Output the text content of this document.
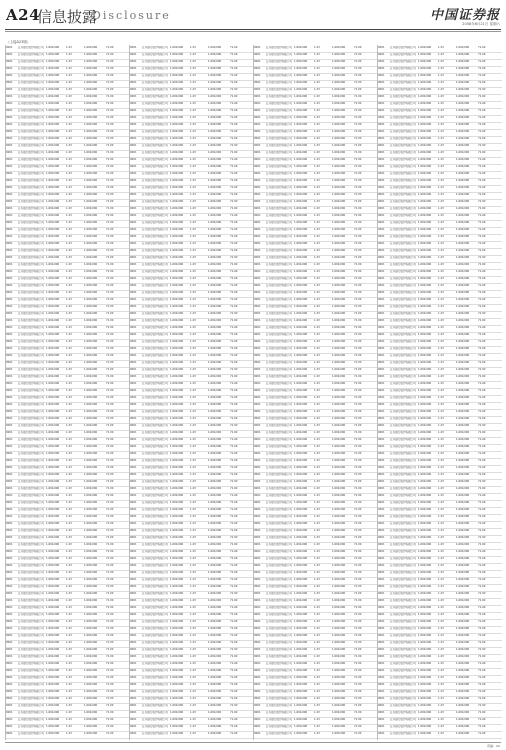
A24
信息披露
Disclosure	中国证券报
2008年6月21日 星期六
（上接A23版）
0001	江苏银行股份有限公司 1,000,000	1.23	1,000,000	71.00
0001	江苏银行股份有限公司 1,000,000	1.23	1,000,000	71.00
0001	江苏银行股份有限公司 1,000,000	1.23	1,000,000	71.00
0001	江苏银行股份有限公司 1,000,000	1.23	1,000,000	71.00
0001	江苏银行股份有限公司 1,000,000	1.23	1,000,000	71.00
0001	江苏银行股份有限公司 1,000,000	1.23	1,000,000	71.00
0001	江苏银行股份有限公司 1,000,000	1.23	1,000,000	71.00
0001	江苏银行股份有限公司 1,000,000	1.23	1,000,000	71.00
0001	江苏银行股份有限公司 1,000,000	1.23	1,000,000	71.00
0001	江苏银行股份有限公司 1,000,000	1.23	1,000,000	71.00
0001	江苏银行股份有限公司 1,000,000	1.23	1,000,000	71.00
0001	江苏银行股份有限公司 1,000,000	1.23	1,000,000	71.00
0001	江苏银行股份有限公司 1,000,000	1.23	1,000,000	71.00
0001	江苏银行股份有限公司 1,000,000	1.23	1,000,000	71.00
0001	江苏银行股份有限公司 1,000,000	1.23	1,000,000	71.00
0001	江苏银行股份有限公司 1,000,000	1.23	1,000,000	71.00
0001	江苏银行股份有限公司 1,000,000	1.23	1,000,000	71.00
0001	江苏银行股份有限公司 1,000,000	1.23	1,000,000	71.00
0001	江苏银行股份有限公司 1,000,000	1.23	1,000,000	71.00
0001	江苏银行股份有限公司 1,000,000	1.23	1,000,000	71.00
0001	江苏银行股份有限公司 1,000,000	1.23	1,000,000	71.00
0001	江苏银行股份有限公司 1,000,000	1.23	1,000,000	71.00
0001	江苏银行股份有限公司 1,000,000	1.23	1,000,000	71.00
0001	江苏银行股份有限公司 1,000,000	1.23	1,000,000	71.00
0001	江苏银行股份有限公司 1,000,000	1.23	1,000,000	71.00
0001	江苏银行股份有限公司 1,000,000	1.23	1,000,000	71.00
0001	江苏银行股份有限公司 1,000,000	1.23	1,000,000	71.00
0001	江苏银行股份有限公司 1,000,000	1.23	1,000,000	71.00
0001	江苏银行股份有限公司 1,000,000	1.23	1,000,000	71.00
0001	江苏银行股份有限公司 1,000,000	1.23	1,000,000	71.00
0001	江苏银行股份有限公司 1,000,000	1.23	1,000,000	71.00
0001	江苏银行股份有限公司 1,000,000	1.23	1,000,000	71.00
0001	江苏银行股份有限公司 1,000,000	1.23	1,000,000	71.00
0001	江苏银行股份有限公司 1,000,000	1.23	1,000,000	71.00
0001	江苏银行股份有限公司 1,000,000	1.23	1,000,000	71.00
0001	江苏银行股份有限公司 1,000,000	1.23	1,000,000	71.00
0001	江苏银行股份有限公司 1,000,000	1.23	1,000,000	71.00
0001	江苏银行股份有限公司 1,000,000	1.23	1,000,000	71.00
0001	江苏银行股份有限公司 1,000,000	1.23	1,000,000	71.00
0001	江苏银行股份有限公司 1,000,000	1.23	1,000,000	71.00
0001	江苏银行股份有限公司 1,000,000	1.23	1,000,000	71.00
0001	江苏银行股份有限公司 1,000,000	1.23	1,000,000	71.00
0001	江苏银行股份有限公司 1,000,000	1.23	1,000,000	71.00
0001	江苏银行股份有限公司 1,000,000	1.23	1,000,000	71.00
0001	江苏银行股份有限公司 1,000,000	1.23	1,000,000	71.00
0001	江苏银行股份有限公司 1,000,000	1.23	1,000,000	71.00
0001	江苏银行股份有限公司 1,000,000	1.23	1,000,000	71.00
0001	江苏银行股份有限公司 1,000,000	1.23	1,000,000	71.00
0001	江苏银行股份有限公司 1,000,000	1.23	1,000,000	71.00
0001	江苏银行股份有限公司 1,000,000	1.23	1,000,000	71.00
0001	江苏银行股份有限公司 1,000,000	1.23	1,000,000	71.00
0001	江苏银行股份有限公司 1,000,000	1.23	1,000,000	71.00
0001	江苏银行股份有限公司 1,000,000	1.23	1,000,000	71.00
0001	江苏银行股份有限公司 1,000,000	1.23	1,000,000	71.00
0001	江苏银行股份有限公司 1,000,000	1.23	1,000,000	71.00
0001	江苏银行股份有限公司 1,000,000	1.23	1,000,000	71.00
0001	江苏银行股份有限公司 1,000,000	1.23	1,000,000	71.00
0001	江苏银行股份有限公司 1,000,000	1.23	1,000,000	71.00
0001	江苏银行股份有限公司 1,000,000	1.23	1,000,000	71.00
0001	江苏银行股份有限公司 1,000,000	1.23	1,000,000	71.00
0001	江苏银行股份有限公司 1,000,000	1.23	1,000,000	71.00
0001	江苏银行股份有限公司 1,000,000	1.23	1,000,000	71.00
0001	江苏银行股份有限公司 1,000,000	1.23	1,000,000	71.00
0001	江苏银行股份有限公司 1,000,000	1.23	1,000,000	71.00
0001	江苏银行股份有限公司 1,000,000	1.23	1,000,000	71.00
0001	江苏银行股份有限公司 1,000,000	1.23	1,000,000	71.00
0001	江苏银行股份有限公司 1,000,000	1.23	1,000,000	71.00
0001	江苏银行股份有限公司 1,000,000	1.23	1,000,000	71.00
0001	江苏银行股份有限公司 1,000,000	1.23	1,000,000	71.00
0001	江苏银行股份有限公司 1,000,000	1.23	1,000,000	71.00
0001	江苏银行股份有限公司 1,000,000	1.23	1,000,000	71.00
0001	江苏银行股份有限公司 1,000,000	1.23	1,000,000	71.00
0001	江苏银行股份有限公司 1,000,000	1.23	1,000,000	71.00
0001	江苏银行股份有限公司 1,000,000	1.23	1,000,000	71.00
0001	江苏银行股份有限公司 1,000,000	1.23	1,000,000	71.00
0001	江苏银行股份有限公司 1,000,000	1.23	1,000,000	71.00
0001	江苏银行股份有限公司 1,000,000	1.23	1,000,000	71.00
0001	江苏银行股份有限公司 1,000,000	1.23	1,000,000	71.00
0001	江苏银行股份有限公司 1,000,000	1.23	1,000,000	71.00
0001	江苏银行股份有限公司 1,000,000	1.23	1,000,000	71.00
0001	江苏银行股份有限公司 1,000,000	1.23	1,000,000	71.00
0001	江苏银行股份有限公司 1,000,000	1.23	1,000,000	71.00
0001	江苏银行股份有限公司 1,000,000	1.23	1,000,000	71.00
0001	江苏银行股份有限公司 1,000,000	1.23	1,000,000	71.00
0001	江苏银行股份有限公司 1,000,000	1.23	1,000,000	71.00
0001	江苏银行股份有限公司 1,000,000	1.23	1,000,000	71.00
0001	江苏银行股份有限公司 1,000,000	1.23	1,000,000	71.00
0001	江苏银行股份有限公司 1,000,000	1.23	1,000,000	71.00
0001	江苏银行股份有限公司 1,000,000	1.23	1,000,000	71.00
0001	江苏银行股份有限公司 1,000,000	1.23	1,000,000	71.00
0001	江苏银行股份有限公司 1,000,000	1.23	1,000,000	71.00
0001	江苏银行股份有限公司 1,000,000	1.23	1,000,000	71.00
0001	江苏银行股份有限公司 1,000,000	1.23	1,000,000	71.00
0001	江苏银行股份有限公司 1,000,000	1.23	1,000,000	71.00
0001	江苏银行股份有限公司 1,000,000	1.23	1,000,000	71.00
0001	江苏银行股份有限公司 1,000,000	1.23	1,000,000	71.00
0001	江苏银行股份有限公司 1,000,000	1.23	1,000,000	71.00
0001	江苏银行股份有限公司 1,000,000	1.23	1,000,000	71.00
0001	江苏银行股份有限公司 1,000,000	1.23	1,000,000	71.00
0001	江苏银行股份有限公司 1,000,000	1.23	1,000,000	71.00
0001	江苏银行股份有限公司 1,000,000	1.23	1,000,000	71.00
0001	江苏银行股份有限公司 1,000,000	1.23	1,000,000	71.00
0001	江苏银行股份有限公司 1,000,000	1.23	1,000,000	71.00
0001	江苏银行股份有限公司 1,000,000	1.23	1,000,000	71.00
0001	江苏银行股份有限公司 1,000,000	1.23	1,000,000	71.00
0001	江苏银行股份有限公司 1,000,000	1.23	1,000,000	71.00
0001	江苏银行股份有限公司 1,000,000	1.23	1,000,000	71.00
0001	江苏银行股份有限公司 1,000,000	1.23	1,000,000	71.00
0001	江苏银行股份有限公司 1,000,000	1.23	1,000,000	71.00
0001	江苏银行股份有限公司 1,000,000	1.23	1,000,000	71.00
0001	江苏银行股份有限公司 1,000,000	1.23	1,000,000	71.00
0001	江苏银行股份有限公司 1,000,000	1.23	1,000,000	71.00
0001	江苏银行股份有限公司 1,000,000	1.23	1,000,000	71.00
0001	江苏银行股份有限公司 1,000,000	1.23	1,000,000	71.00
0001	江苏银行股份有限公司 1,000,000	1.23	1,000,000	71.00
0001	江苏银行股份有限公司 1,000,000	1.23	1,000,000	71.00
0001	江苏银行股份有限公司 1,000,000	1.23	1,000,000	71.00
0001	江苏银行股份有限公司 1,000,000	1.23	1,000,000	71.00
0001	江苏银行股份有限公司 1,000,000	1.23	1,000,000	71.00
0001	江苏银行股份有限公司 1,000,000	1.23	1,000,000	71.00
0001	江苏银行股份有限公司 1,000,000	1.23	1,000,000	71.00
0001	江苏银行股份有限公司 1,000,000	1.23	1,000,000	71.00
0001	江苏银行股份有限公司 1,000,000	1.23	1,000,000	71.00
0001	江苏银行股份有限公司 1,000,000	1.23	1,000,000	71.00
0001	江苏银行股份有限公司 1,000,000	1.23	1,000,000	71.00
0001	江苏银行股份有限公司 1,000,000	1.23	1,000,000	71.00
0001	江苏银行股份有限公司 1,000,000	1.23	1,000,000	71.00
0001	江苏银行股份有限公司 1,000,000	1.23	1,000,000	71.00
0001	江苏银行股份有限公司 1,000,000	1.23	1,000,000	71.00
0001	江苏银行股份有限公司 1,000,000	1.23	1,000,000	71.00
0001	江苏银行股份有限公司 1,000,000	1.23	1,000,000	71.00
0001	江苏银行股份有限公司 1,000,000	1.23	1,000,000	71.00
0001	江苏银行股份有限公司 1,000,000	1.23	1,000,000	71.00
0001	江苏银行股份有限公司 1,000,000	1.23	1,000,000	71.00
0001	江苏银行股份有限公司 1,000,000	1.23	1,000,000	71.00
0001	江苏银行股份有限公司 1,000,000	1.23	1,000,000	71.00
0001	江苏银行股份有限公司 1,000,000	1.23	1,000,000	71.00
0001	江苏银行股份有限公司 1,000,000	1.23	1,000,000	71.00
0001	江苏银行股份有限公司 1,000,000	1.23	1,000,000	71.00
0001	江苏银行股份有限公司 1,000,000	1.23	1,000,000	71.00
0001	江苏银行股份有限公司 1,000,000	1.23	1,000,000	71.00
0001	江苏银行股份有限公司 1,000,000	1.23	1,000,000	71.00
0001	江苏银行股份有限公司 1,000,000	1.23	1,000,000	71.00
0001	江苏银行股份有限公司 1,000,000	1.23	1,000,000	71.00
0001	江苏银行股份有限公司 1,000,000	1.23	1,000,000	71.00
0001	江苏银行股份有限公司 1,000,000	1.23	1,000,000	71.00
0001	江苏银行股份有限公司 1,000,000	1.23	1,000,000	71.00
0001	江苏银行股份有限公司 1,000,000	1.23	1,000,000	71.00
0001	江苏银行股份有限公司 1,000,000	1.23	1,000,000	71.00
0001	江苏银行股份有限公司 1,000,000	1.23	1,000,000	71.00
0001	江苏银行股份有限公司 1,000,000	1.23	1,000,000	71.00
0001	江苏银行股份有限公司 1,000,000	1.23	1,000,000	71.00
0001	江苏银行股份有限公司 1,000,000	1.23	1,000,000	71.00
0001	江苏银行股份有限公司 1,000,000	1.23	1,000,000	71.00
0001	江苏银行股份有限公司 1,000,000	1.23	1,000,000	71.00
0001	江苏银行股份有限公司 1,000,000	1.23	1,000,000	71.00
0001	江苏银行股份有限公司 1,000,000	1.23	1,000,000	71.00
0001	江苏银行股份有限公司 1,000,000	1.23	1,000,000	71.00
0001	江苏银行股份有限公司 1,000,000	1.23	1,000,000	71.00
0001	江苏银行股份有限公司 1,000,000	1.23	1,000,000	71.00
0001	江苏银行股份有限公司 1,000,000	1.23	1,000,000	71.00
0001	江苏银行股份有限公司 1,000,000	1.23	1,000,000	71.00
0001	江苏银行股份有限公司 1,000,000	1.23	1,000,000	71.00
0001	江苏银行股份有限公司 1,000,000	1.23	1,000,000	71.00
0001	江苏银行股份有限公司 1,000,000	1.23	1,000,000	71.00
0001	江苏银行股份有限公司 1,000,000	1.23	1,000,000	71.00
0001	江苏银行股份有限公司 1,000,000	1.23	1,000,000	71.00
0001	江苏银行股份有限公司 1,000,000	1.23	1,000,000	71.00
0001	江苏银行股份有限公司 1,000,000	1.23	1,000,000	71.00
0001	江苏银行股份有限公司 1,000,000	1.23	1,000,000	71.00
0001	江苏银行股份有限公司 1,000,000	1.23	1,000,000	71.00
0001	江苏银行股份有限公司 1,000,000	1.23	1,000,000	71.00
0001	江苏银行股份有限公司 1,000,000	1.23	1,000,000	71.00
0001	江苏银行股份有限公司 1,000,000	1.23	1,000,000	71.00
0001	江苏银行股份有限公司 1,000,000	1.23	1,000,000	71.00
0001	江苏银行股份有限公司 1,000,000	1.23	1,000,000	71.00
0001	江苏银行股份有限公司 1,000,000	1.23	1,000,000	71.00
0001	江苏银行股份有限公司 1,000,000	1.23	1,000,000	71.00
0001	江苏银行股份有限公司 1,000,000	1.23	1,000,000	71.00
0001	江苏银行股份有限公司 1,000,000	1.23	1,000,000	71.00
0001	江苏银行股份有限公司 1,000,000	1.23	1,000,000	71.00
0001	江苏银行股份有限公司 1,000,000	1.23	1,000,000	71.00
0001	江苏银行股份有限公司 1,000,000	1.23	1,000,000	71.00
0001	江苏银行股份有限公司 1,000,000	1.23	1,000,000	71.00
0001	江苏银行股份有限公司 1,000,000	1.23	1,000,000	71.00
0001	江苏银行股份有限公司 1,000,000	1.23	1,000,000	71.00
0001	江苏银行股份有限公司 1,000,000	1.23	1,000,000	71.00
0001	江苏银行股份有限公司 1,000,000	1.23	1,000,000	71.00
0001	江苏银行股份有限公司 1,000,000	1.23	1,000,000	71.00
0001	江苏银行股份有限公司 1,000,000	1.23	1,000,000	71.00
0001	江苏银行股份有限公司 1,000,000	1.23	1,000,000	71.00
0001	江苏银行股份有限公司 1,000,000	1.23	1,000,000	71.00
0001	江苏银行股份有限公司 1,000,000	1.23	1,000,000	71.00
0001	江苏银行股份有限公司 1,000,000	1.23	1,000,000	71.00
0001	江苏银行股份有限公司 1,000,000	1.23	1,000,000	71.00
0001	江苏银行股份有限公司 1,000,000	1.23	1,000,000	71.00
0001	江苏银行股份有限公司 1,000,000	1.23	1,000,000	71.00
0001	江苏银行股份有限公司 1,000,000	1.23	1,000,000	71.00
0001	江苏银行股份有限公司 1,000,000	1.23	1,000,000	71.00
0001	江苏银行股份有限公司 1,000,000	1.23	1,000,000	71.00
0001	江苏银行股份有限公司 1,000,000	1.23	1,000,000	71.00
0001	江苏银行股份有限公司 1,000,000	1.23	1,000,000	71.00
0001	江苏银行股份有限公司 1,000,000	1.23	1,000,000	71.00
0001	江苏银行股份有限公司 1,000,000	1.23	1,000,000	71.00
0001	江苏银行股份有限公司 1,000,000	1.23	1,000,000	71.00
0001	江苏银行股份有限公司 1,000,000	1.23	1,000,000	71.00
0001	江苏银行股份有限公司 1,000,000	1.23	1,000,000	71.00
0001	江苏银行股份有限公司 1,000,000	1.23	1,000,000	71.00
0001	江苏银行股份有限公司 1,000,000	1.23	1,000,000	71.00
0001	江苏银行股份有限公司 1,000,000	1.23	1,000,000	71.00
0001	江苏银行股份有限公司 1,000,000	1.23	1,000,000	71.00
0001	江苏银行股份有限公司 1,000,000	1.23	1,000,000	71.00
0001	江苏银行股份有限公司 1,000,000	1.23	1,000,000	71.00
0001	江苏银行股份有限公司 1,000,000	1.23	1,000,000	71.00
0001	江苏银行股份有限公司 1,000,000	1.23	1,000,000	71.00
0001	江苏银行股份有限公司 1,000,000	1.23	1,000,000	71.00
0001	江苏银行股份有限公司 1,000,000	1.23	1,000,000	71.00
0001	江苏银行股份有限公司 1,000,000	1.23	1,000,000	71.00
0001	江苏银行股份有限公司 1,000,000	1.23	1,000,000	71.00
0001	江苏银行股份有限公司 1,000,000	1.23	1,000,000	71.00
0001	江苏银行股份有限公司 1,000,000	1.23	1,000,000	71.00
0001	江苏银行股份有限公司 1,000,000	1.23	1,000,000	71.00
0001	江苏银行股份有限公司 1,000,000	1.23	1,000,000	71.00
0001	江苏银行股份有限公司 1,000,000	1.23	1,000,000	71.00
0001	江苏银行股份有限公司 1,000,000	1.23	1,000,000	71.00
0001	江苏银行股份有限公司 1,000,000	1.23	1,000,000	71.00
0001	江苏银行股份有限公司 1,000,000	1.23	1,000,000	71.00
0001	江苏银行股份有限公司 1,000,000	1.23	1,000,000	71.00
0001	江苏银行股份有限公司 1,000,000	1.23	1,000,000	71.00
0001	江苏银行股份有限公司 1,000,000	1.23	1,000,000	71.00
0001	江苏银行股份有限公司 1,000,000	1.23	1,000,000	71.00
0001	江苏银行股份有限公司 1,000,000	1.23	1,000,000	71.00
0001	江苏银行股份有限公司 1,000,000	1.23	1,000,000	71.00
0001	江苏银行股份有限公司 1,000,000	1.23	1,000,000	71.00
0001	江苏银行股份有限公司 1,000,000	1.23	1,000,000	71.00
0001	江苏银行股份有限公司 1,000,000	1.23	1,000,000	71.00
0001	江苏银行股份有限公司 1,000,000	1.23	1,000,000	71.00
0001	江苏银行股份有限公司 1,000,000	1.23	1,000,000	71.00
0001	江苏银行股份有限公司 1,000,000	1.23	1,000,000	71.00
0001	江苏银行股份有限公司 1,000,000	1.23	1,000,000	71.00
0001	江苏银行股份有限公司 1,000,000	1.23	1,000,000	71.00
0001	江苏银行股份有限公司 1,000,000	1.23	1,000,000	71.00
0001	江苏银行股份有限公司 1,000,000	1.23	1,000,000	71.00
0001	江苏银行股份有限公司 1,000,000	1.23	1,000,000	71.00
0001	江苏银行股份有限公司 1,000,000	1.23	1,000,000	71.00
0001	江苏银行股份有限公司 1,000,000	1.23	1,000,000	71.00
0001	江苏银行股份有限公司 1,000,000	1.23	1,000,000	71.00
0001	江苏银行股份有限公司 1,000,000	1.23	1,000,000	71.00
0001	江苏银行股份有限公司 1,000,000	1.23	1,000,000	71.00
0001	江苏银行股份有限公司 1,000,000	1.23	1,000,000	71.00
0001	江苏银行股份有限公司 1,000,000	1.23	1,000,000	71.00
0001	江苏银行股份有限公司 1,000,000	1.23	1,000,000	71.00
0001	江苏银行股份有限公司 1,000,000	1.23	1,000,000	71.00
0001	江苏银行股份有限公司 1,000,000	1.23	1,000,000	71.00
0001	江苏银行股份有限公司 1,000,000	1.23	1,000,000	71.00
0001	江苏银行股份有限公司 1,000,000	1.23	1,000,000	71.00
0001	江苏银行股份有限公司 1,000,000	1.23	1,000,000	71.00
0001	江苏银行股份有限公司 1,000,000	1.23	1,000,000	71.00
0001	江苏银行股份有限公司 1,000,000	1.23	1,000,000	71.00
0001	江苏银行股份有限公司 1,000,000	1.23	1,000,000	71.00
0001	江苏银行股份有限公司 1,000,000	1.23	1,000,000	71.00
0001	江苏银行股份有限公司 1,000,000	1.23	1,000,000	71.00
0001	江苏银行股份有限公司 1,000,000	1.23	1,000,000	71.00
0001	江苏银行股份有限公司 1,000,000	1.23	1,000,000	71.00
0001	江苏银行股份有限公司 1,000,000	1.23	1,000,000	71.00
0001	江苏银行股份有限公司 1,000,000	1.23	1,000,000	71.00
0001	江苏银行股份有限公司 1,000,000	1.23	1,000,000	71.00
0001	江苏银行股份有限公司 1,000,000	1.23	1,000,000	71.00
0001	江苏银行股份有限公司 1,000,000	1.23	1,000,000	71.00
0001	江苏银行股份有限公司 1,000,000	1.23	1,000,000	71.00
0001	江苏银行股份有限公司 1,000,000	1.23	1,000,000	71.00
0001	江苏银行股份有限公司 1,000,000	1.23	1,000,000	71.00
0001	江苏银行股份有限公司 1,000,000	1.23	1,000,000	71.00
0001	江苏银行股份有限公司 1,000,000	1.23	1,000,000	71.00
0001	江苏银行股份有限公司 1,000,000	1.23	1,000,000	71.00
0001	江苏银行股份有限公司 1,000,000	1.23	1,000,000	71.00
0001	江苏银行股份有限公司 1,000,000	1.23	1,000,000	71.00
0001	江苏银行股份有限公司 1,000,000	1.23	1,000,000	71.00
0001	江苏银行股份有限公司 1,000,000	1.23	1,000,000	71.00
0001	江苏银行股份有限公司 1,000,000	1.23	1,000,000	71.00
0001	江苏银行股份有限公司 1,000,000	1.23	1,000,000	71.00
0001	江苏银行股份有限公司 1,000,000	1.23	1,000,000	71.00
0001	江苏银行股份有限公司 1,000,000	1.23	1,000,000	71.00
0001	江苏银行股份有限公司 1,000,000	1.23	1,000,000	71.00
0001	江苏银行股份有限公司 1,000,000	1.23	1,000,000	71.00
0001	江苏银行股份有限公司 1,000,000	1.23	1,000,000	71.00
0001	江苏银行股份有限公司 1,000,000	1.23	1,000,000	71.00
0001	江苏银行股份有限公司 1,000,000	1.23	1,000,000	71.00
0001	江苏银行股份有限公司 1,000,000	1.23	1,000,000	71.00
0001	江苏银行股份有限公司 1,000,000	1.23	1,000,000	71.00
0001	江苏银行股份有限公司 1,000,000	1.23	1,000,000	71.00
0001	江苏银行股份有限公司 1,000,000	1.23	1,000,000	71.00
0001	江苏银行股份有限公司 1,000,000	1.23	1,000,000	71.00
0001	江苏银行股份有限公司 1,000,000	1.23	1,000,000	71.00
0001	江苏银行股份有限公司 1,000,000	1.23	1,000,000	71.00
0001	江苏银行股份有限公司 1,000,000	1.23	1,000,000	71.00
0001	江苏银行股份有限公司 1,000,000	1.23	1,000,000	71.00
0001	江苏银行股份有限公司 1,000,000	1.23	1,000,000	71.00
0001	江苏银行股份有限公司 1,000,000	1.23	1,000,000	71.00
0001	江苏银行股份有限公司 1,000,000	1.23	1,000,000	71.00
0001	江苏银行股份有限公司 1,000,000	1.23	1,000,000	71.00
0001	江苏银行股份有限公司 1,000,000	1.23	1,000,000	71.00
0001	江苏银行股份有限公司 1,000,000	1.23	1,000,000	71.00
0001	江苏银行股份有限公司 1,000,000	1.23	1,000,000	71.00
0001	江苏银行股份有限公司 1,000,000	1.23	1,000,000	71.00
0001	江苏银行股份有限公司 1,000,000	1.23	1,000,000	71.00
0001	江苏银行股份有限公司 1,000,000	1.23	1,000,000	71.00
0001	江苏银行股份有限公司 1,000,000	1.23	1,000,000	71.00
0001	江苏银行股份有限公司 1,000,000	1.23	1,000,000	71.00
0001	江苏银行股份有限公司 1,000,000	1.23	1,000,000	71.00
0001	江苏银行股份有限公司 1,000,000	1.23	1,000,000	71.00
0001	江苏银行股份有限公司 1,000,000	1.23	1,000,000	71.00
0001	江苏银行股份有限公司 1,000,000	1.23	1,000,000	71.00
0001	江苏银行股份有限公司 1,000,000	1.23	1,000,000	71.00
0001	江苏银行股份有限公司 1,000,000	1.23	1,000,000	71.00
0001	江苏银行股份有限公司 1,000,000	1.23	1,000,000	71.00
0001	江苏银行股份有限公司 1,000,000	1.23	1,000,000	71.00
0001	江苏银行股份有限公司 1,000,000	1.23	1,000,000	71.00
0001	江苏银行股份有限公司 1,000,000	1.23	1,000,000	71.00
0001	江苏银行股份有限公司 1,000,000	1.23	1,000,000	71.00
0001	江苏银行股份有限公司 1,000,000	1.23	1,000,000	71.00
0001	江苏银行股份有限公司 1,000,000	1.23	1,000,000	71.00
0001	江苏银行股份有限公司 1,000,000	1.23	1,000,000	71.00
0001	江苏银行股份有限公司 1,000,000	1.23	1,000,000	71.00
0001	江苏银行股份有限公司 1,000,000	1.23	1,000,000	71.00
0001	江苏银行股份有限公司 1,000,000	1.23	1,000,000	71.00
0001	江苏银行股份有限公司 1,000,000	1.23	1,000,000	71.00
0001	江苏银行股份有限公司 1,000,000	1.23	1,000,000	71.00
0001	江苏银行股份有限公司 1,000,000	1.23	1,000,000	71.00
0001	江苏银行股份有限公司 1,000,000	1.23	1,000,000	71.00
0001	江苏银行股份有限公司 1,000,000	1.23	1,000,000	71.00
0001	江苏银行股份有限公司 1,000,000	1.23	1,000,000	71.00
0001	江苏银行股份有限公司 1,000,000	1.23	1,000,000	71.00
0001	江苏银行股份有限公司 1,000,000	1.23	1,000,000	71.00
0001	江苏银行股份有限公司 1,000,000	1.23	1,000,000	71.00
0001	江苏银行股份有限公司 1,000,000	1.23	1,000,000	71.00
0001	江苏银行股份有限公司 1,000,000	1.23	1,000,000	71.00
0001	江苏银行股份有限公司 1,000,000	1.23	1,000,000	71.00
0001	江苏银行股份有限公司 1,000,000	1.23	1,000,000	71.00
0001	江苏银行股份有限公司 1,000,000	1.23	1,000,000	71.00
0001	江苏银行股份有限公司 1,000,000	1.23	1,000,000	71.00
0001	江苏银行股份有限公司 1,000,000	1.23	1,000,000	71.00
0001	江苏银行股份有限公司 1,000,000	1.23	1,000,000	71.00
0001	江苏银行股份有限公司 1,000,000	1.23	1,000,000	71.00
0001	江苏银行股份有限公司 1,000,000	1.23	1,000,000	71.00
0001	江苏银行股份有限公司 1,000,000	1.23	1,000,000	71.00
0001	江苏银行股份有限公司 1,000,000	1.23	1,000,000	71.00
0001	江苏银行股份有限公司 1,000,000	1.23	1,000,000	71.00
0001	江苏银行股份有限公司 1,000,000	1.23	1,000,000	71.00
0001	江苏银行股份有限公司 1,000,000	1.23	1,000,000	71.00
0001	江苏银行股份有限公司 1,000,000	1.23	1,000,000	71.00
0001	江苏银行股份有限公司 1,000,000	1.23	1,000,000	71.00
0001	江苏银行股份有限公司 1,000,000	1.23	1,000,000	71.00
0001	江苏银行股份有限公司 1,000,000	1.23	1,000,000	71.00
0001	江苏银行股份有限公司 1,000,000	1.23	1,000,000	71.00
0001	江苏银行股份有限公司 1,000,000	1.23	1,000,000	71.00
0001	江苏银行股份有限公司 1,000,000	1.23	1,000,000	71.00
0001	江苏银行股份有限公司 1,000,000	1.23	1,000,000	71.00
0001	江苏银行股份有限公司 1,000,000	1.23	1,000,000	71.00
0001	江苏银行股份有限公司 1,000,000	1.23	1,000,000	71.00
0001	江苏银行股份有限公司 1,000,000	1.23	1,000,000	71.00
0001	江苏银行股份有限公司 1,000,000	1.23	1,000,000	71.00
0001	江苏银行股份有限公司 1,000,000	1.23	1,000,000	71.00
0001	江苏银行股份有限公司 1,000,000	1.23	1,000,000	71.00
0001	江苏银行股份有限公司 1,000,000	1.23	1,000,000	71.00
0001	江苏银行股份有限公司 1,000,000	1.23	1,000,000	71.00
0001	江苏银行股份有限公司 1,000,000	1.23	1,000,000	71.00
0001	江苏银行股份有限公司 1,000,000	1.23	1,000,000	71.00
0001	江苏银行股份有限公司 1,000,000	1.23	1,000,000	71.00
0001	江苏银行股份有限公司 1,000,000	1.23	1,000,000	71.00
0001	江苏银行股份有限公司 1,000,000	1.23	1,000,000	71.00
0001	江苏银行股份有限公司 1,000,000	1.23	1,000,000	71.00
0001	江苏银行股份有限公司 1,000,000	1.23	1,000,000	71.00
0001	江苏银行股份有限公司 1,000,000	1.23	1,000,000	71.00
0001	江苏银行股份有限公司 1,000,000	1.23	1,000,000	71.00
0001	江苏银行股份有限公司 1,000,000	1.23	1,000,000	71.00
0001	江苏银行股份有限公司 1,000,000	1.23	1,000,000	71.00
0001	江苏银行股份有限公司 1,000,000	1.23	1,000,000	71.00
0001	江苏银行股份有限公司 1,000,000	1.23	1,000,000	71.00
0001	江苏银行股份有限公司 1,000,000	1.23	1,000,000	71.00
0001	江苏银行股份有限公司 1,000,000	1.23	1,000,000	71.00
0001	江苏银行股份有限公司 1,000,000	1.23	1,000,000	71.00
0001	江苏银行股份有限公司 1,000,000	1.23	1,000,000	71.00
0001	江苏银行股份有限公司 1,000,000	1.23	1,000,000	71.00
0001	江苏银行股份有限公司 1,000,000	1.23	1,000,000	71.00
0001	江苏银行股份有限公司 1,000,000	1.23	1,000,000	71.00
0001	江苏银行股份有限公司 1,000,000	1.23	1,000,000	71.00
0001	江苏银行股份有限公司 1,000,000	1.23	1,000,000	71.00
0001	江苏银行股份有限公司 1,000,000	1.23	1,000,000	71.00
0001	江苏银行股份有限公司 1,000,000	1.23	1,000,000	71.00
0001	江苏银行股份有限公司 1,000,000	1.23	1,000,000	71.00
0001	江苏银行股份有限公司 1,000,000	1.23	1,000,000	71.00
0001	江苏银行股份有限公司 1,000,000	1.23	1,000,000	71.00
0001	江苏银行股份有限公司 1,000,000	1.23	1,000,000	71.00
0001	江苏银行股份有限公司 1,000,000	1.23	1,000,000	71.00
0001	江苏银行股份有限公司 1,000,000	1.23	1,000,000	71.00
责编：XX
